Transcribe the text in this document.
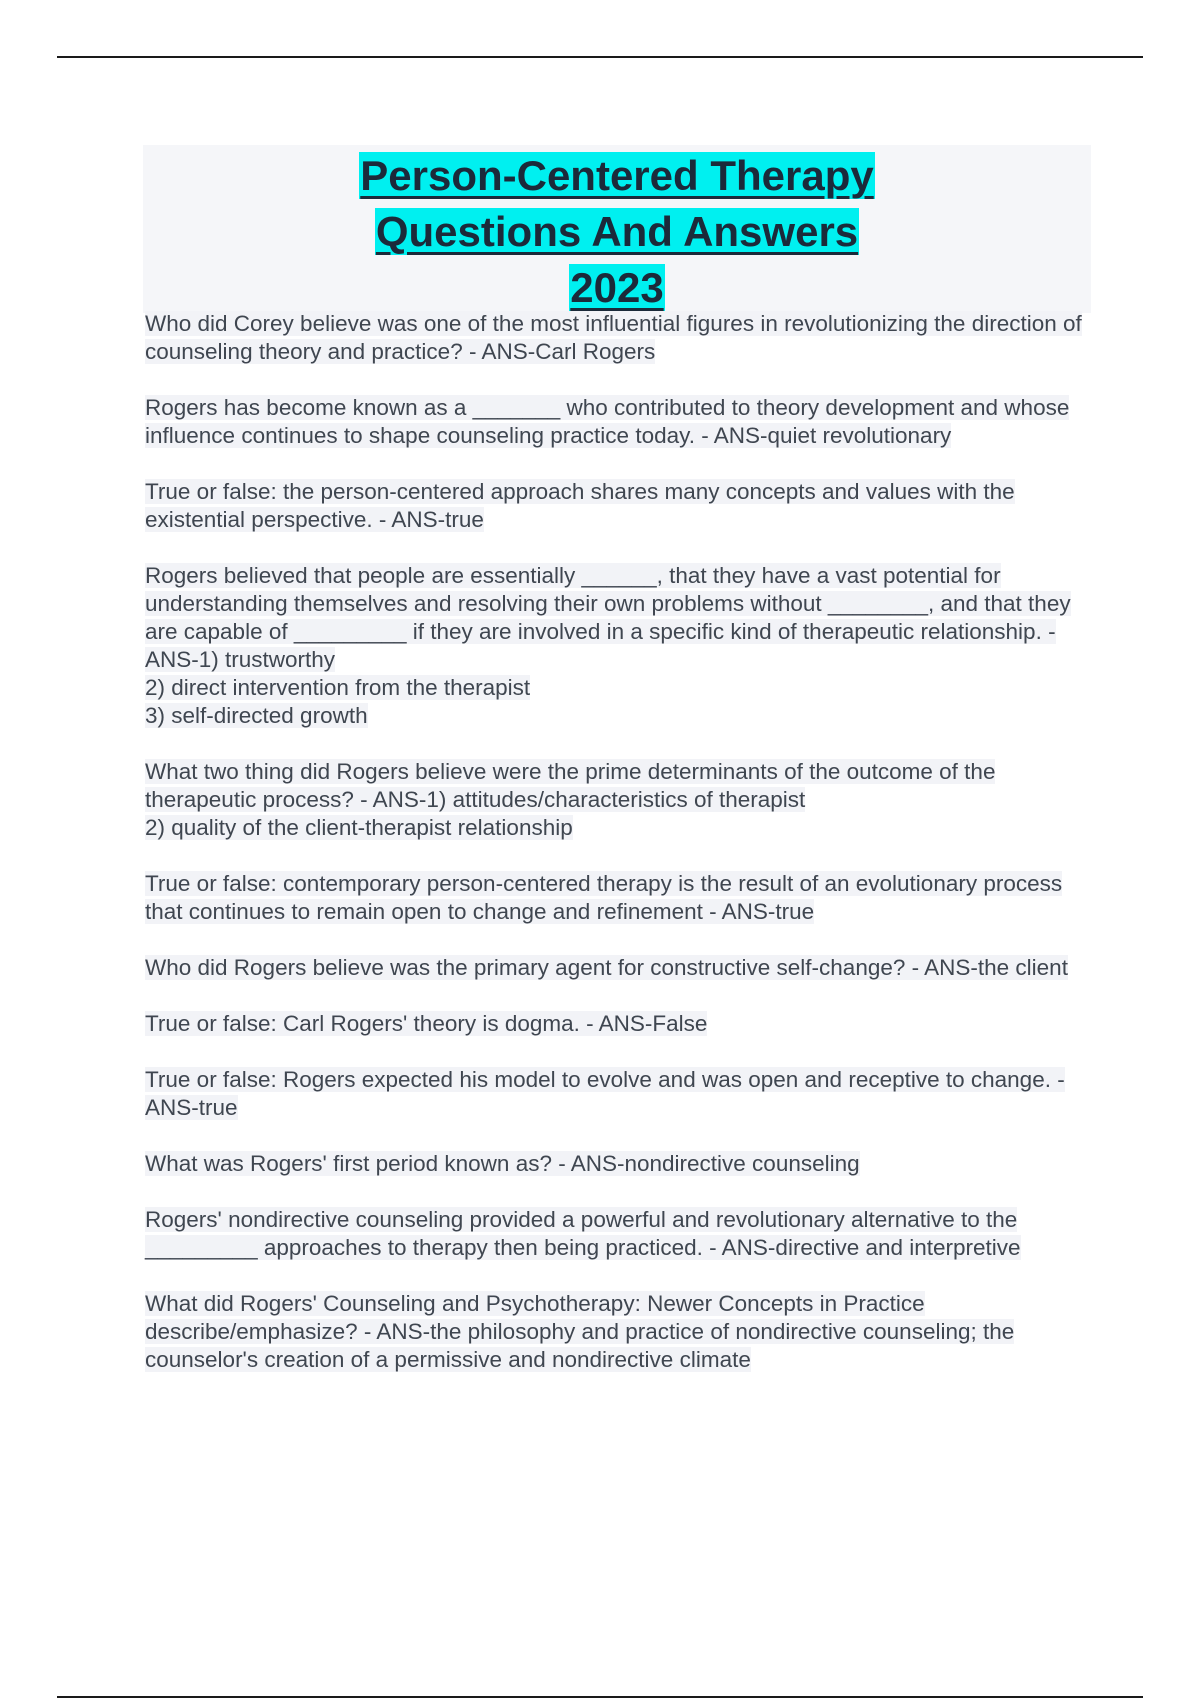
Person-Centered Therapy
Questions And Answers
2023
Who did Corey believe was one of the most influential figures in revolutionizing the direction of counseling theory and practice? - ANS-Carl Rogers
Rogers has become known as a _______ who contributed to theory development and whose influence continues to shape counseling practice today. - ANS-quiet revolutionary
True or false: the person-centered approach shares many concepts and values with the existential perspective. - ANS-true
Rogers believed that people are essentially ______, that they have a vast potential for understanding themselves and resolving their own problems without ________, and that they are capable of _________ if they are involved in a specific kind of therapeutic relationship. - ANS-1) trustworthy
2) direct intervention from the therapist
3) self-directed growth
What two thing did Rogers believe were the prime determinants of the outcome of the therapeutic process? - ANS-1) attitudes/characteristics of therapist
2) quality of the client-therapist relationship
True or false: contemporary person-centered therapy is the result of an evolutionary process that continues to remain open to change and refinement - ANS-true
Who did Rogers believe was the primary agent for constructive self-change? - ANS-the client
True or false: Carl Rogers' theory is dogma. - ANS-False
True or false: Rogers expected his model to evolve and was open and receptive to change. - ANS-true
What was Rogers' first period known as? - ANS-nondirective counseling
Rogers' nondirective counseling provided a powerful and revolutionary alternative to the _________ approaches to therapy then being practiced. - ANS-directive and interpretive
What did Rogers' Counseling and Psychotherapy: Newer Concepts in Practice describe/emphasize? - ANS-the philosophy and practice of nondirective counseling; the counselor's creation of a permissive and nondirective climate
